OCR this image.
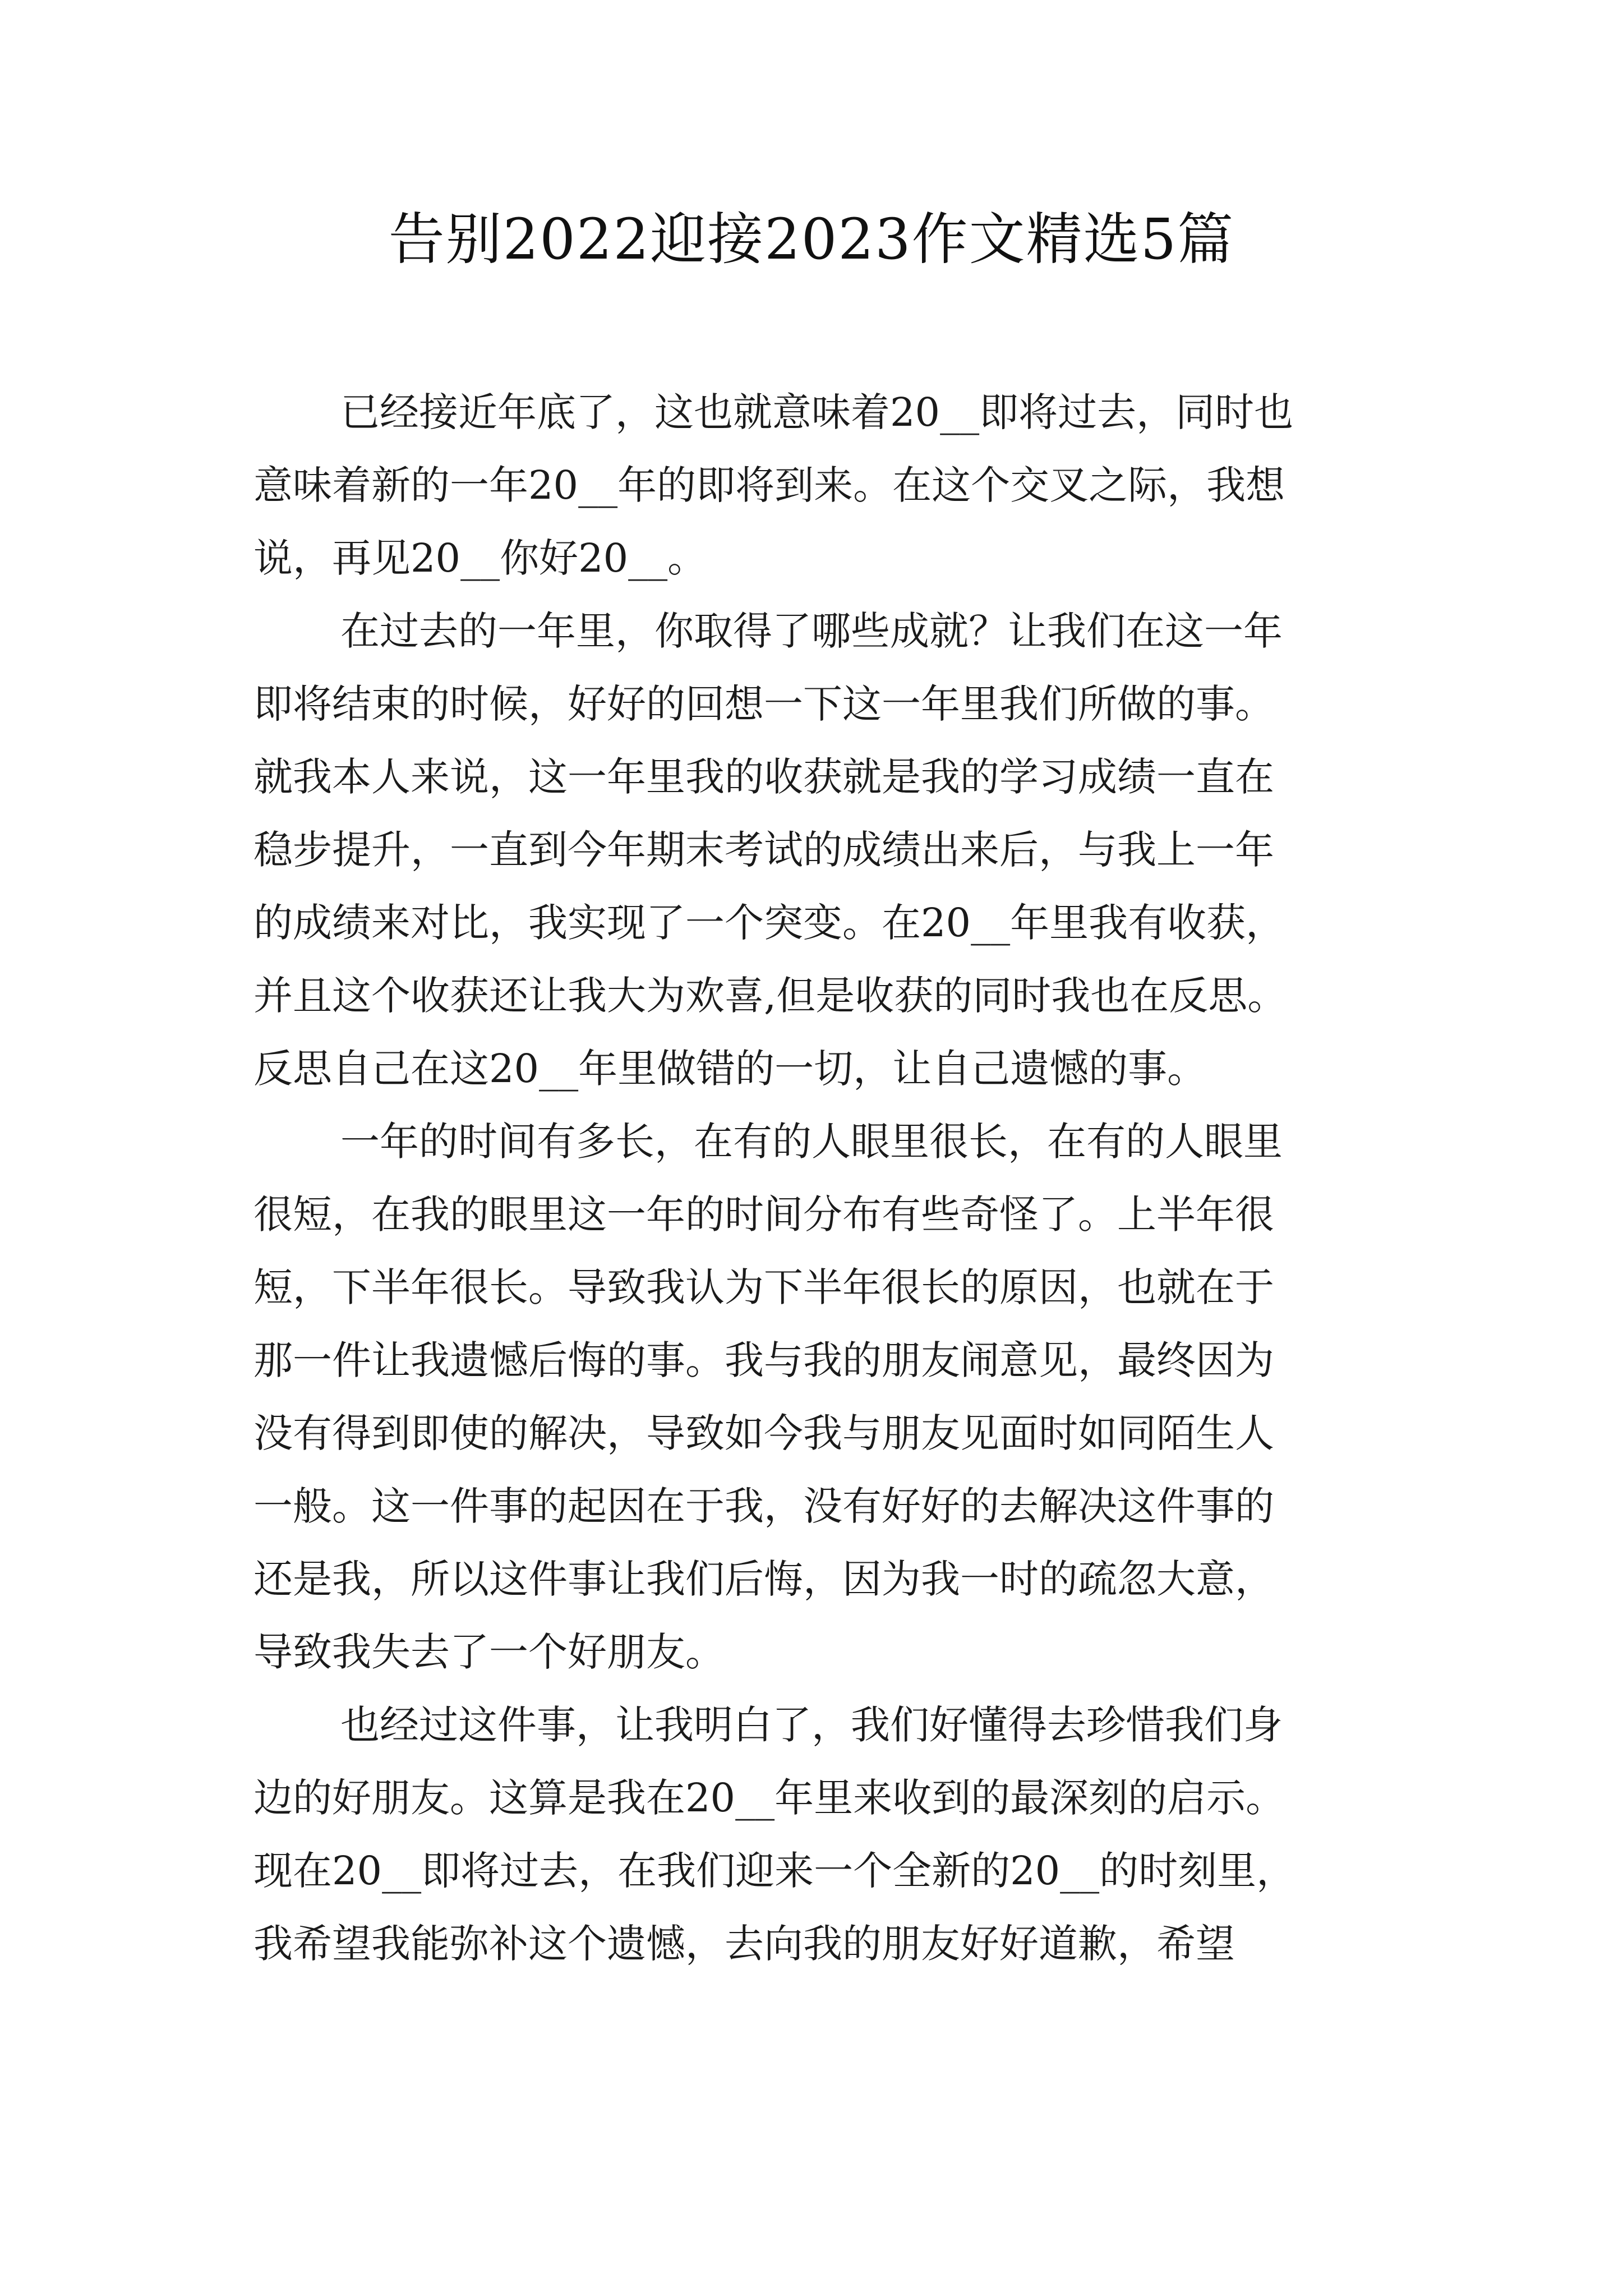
告别2022迎接2023作文精选5篇

已经接近年底了，这也就意味着20__即将过去，同时也
意味着新的一年20__年的即将到来。在这个交叉之际，我想
说，再见20__你好20__。

在过去的一年里，你取得了哪些成就？让我们在这一年
即将结束的时候，好好的回想一下这一年里我们所做的事。
就我本人来说，这一年里我的收获就是我的学习成绩一直在
稳步提升，一直到今年期末考试的成绩出来后，与我上一年
的成绩来对比，我实现了一个突变。在20__年里我有收获，
并且这个收获还让我大为欢喜,但是收获的同时我也在反思。
反思自己在这20__年里做错的一切，让自己遗憾的事。

一年的时间有多长，在有的人眼里很长，在有的人眼里
很短，在我的眼里这一年的时间分布有些奇怪了。上半年很
短，下半年很长。导致我认为下半年很长的原因，也就在于
那一件让我遗憾后悔的事。我与我的朋友闹意见，最终因为
没有得到即使的解决，导致如今我与朋友见面时如同陌生人
一般。这一件事的起因在于我，没有好好的去解决这件事的
还是我，所以这件事让我们后悔，因为我一时的疏忽大意，
导致我失去了一个好朋友。

也经过这件事，让我明白了，我们好懂得去珍惜我们身
边的好朋友。这算是我在20__年里来收到的最深刻的启示。
现在20__即将过去，在我们迎来一个全新的20__的时刻里，
我希望我能弥补这个遗憾，去向我的朋友好好道歉，希望
